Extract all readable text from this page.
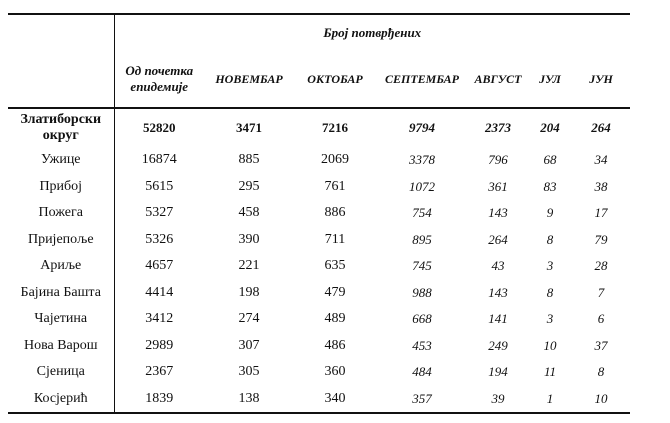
	Број потврђених						
	Од почетка епидемије	НОВЕМБАР	ОКТОБАР	СЕПТЕМБАР	АВГУСТ	ЈУЛ	ЈУН
Златиборски округ	52820	3471	7216	9794	2373	204	264
Ужице	16874	885	2069	3378	796	68	34
Прибој	5615	295	761	1072	361	83	38
Пожега	5327	458	886	754	143	9	17
Пријепоље	5326	390	711	895	264	8	79
Ариље	4657	221	635	745	43	3	28
Бајина Башта	4414	198	479	988	143	8	7
Чајетина	3412	274	489	668	141	3	6
Нова Варош	2989	307	486	453	249	10	37
Сјеница	2367	305	360	484	194	11	8
Косјерић	1839	138	340	357	39	1	10
